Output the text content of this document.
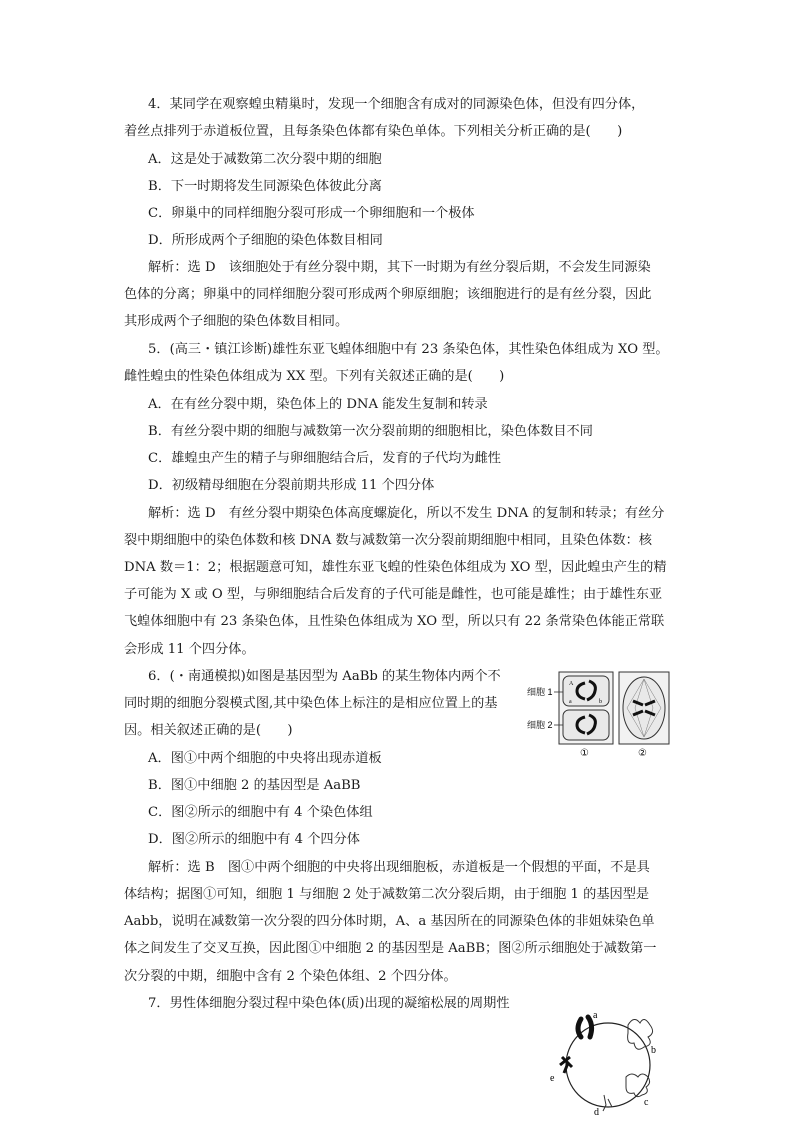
4．某同学在观察蝗虫精巢时，发现一个细胞含有成对的同源染色体，但没有四分体，
着丝点排列于赤道板位置，且每条染色体都有染色单体。下列相关分析正确的是(　　)
A．这是处于减数第二次分裂中期的细胞
B．下一时期将发生同源染色体彼此分离
C．卵巢中的同样细胞分裂可形成一个卵细胞和一个极体
D．所形成两个子细胞的染色体数目相同
解析：选 D　该细胞处于有丝分裂中期，其下一时期为有丝分裂后期，不会发生同源染
色体的分离；卵巢中的同样细胞分裂可形成两个卵原细胞；该细胞进行的是有丝分裂，因此
其形成两个子细胞的染色体数目相同。
5．(高三・镇江诊断)雄性东亚飞蝗体细胞中有 23 条染色体，其性染色体组成为 XO 型。
雌性蝗虫的性染色体组成为 XX 型。下列有关叙述正确的是(　　)
A．在有丝分裂中期，染色体上的 DNA 能发生复制和转录
B．有丝分裂中期的细胞与减数第一次分裂前期的细胞相比，染色体数目不同
C．雄蝗虫产生的精子与卵细胞结合后，发育的子代均为雌性
D．初级精母细胞在分裂前期共形成 11 个四分体
解析：选 D　有丝分裂中期染色体高度螺旋化，所以不发生 DNA 的复制和转录；有丝分
裂中期细胞中的染色体数和核 DNA 数与减数第一次分裂前期细胞中相同，且染色体数：核
DNA 数＝1：2；根据题意可知，雄性东亚飞蝗的性染色体组成为 XO 型，因此蝗虫产生的精
子可能为 X 或 O 型，与卵细胞结合后发育的子代可能是雌性，也可能是雄性；由于雄性东亚
飞蝗体细胞中有 23 条染色体，且性染色体组成为 XO 型，所以只有 22 条常染色体能正常联
会形成 11 个四分体。
6．(・南通模拟)如图是基因型为 AaBb 的某生物体内两个不
同时期的细胞分裂模式图,其中染色体上标注的是相应位置上的基
因。相关叙述正确的是(　　)
A．图①中两个细胞的中央将出现赤道板
B．图①中细胞 2 的基因型是 AaBB
C．图②所示的细胞中有 4 个染色体组
D．图②所示的细胞中有 4 个四分体
解析：选 B　图①中两个细胞的中央将出现细胞板，赤道板是一个假想的平面，不是具
体结构；据图①可知，细胞 1 与细胞 2 处于减数第二次分裂后期，由于细胞 1 的基因型是
Aabb，说明在减数第一次分裂的四分体时期，A、a 基因所在的同源染色体的非姐妹染色单
体之间发生了交叉互换，因此图①中细胞 2 的基因型是 AaBB；图②所示细胞处于减数第一
次分裂的中期，细胞中含有 2 个染色体组、2 个四分体。
7．男性体细胞分裂过程中染色体(质)出现的凝缩松展的周期性
A
a	b
细胞 1
细胞 2
①	②
a
b
c
d
e
